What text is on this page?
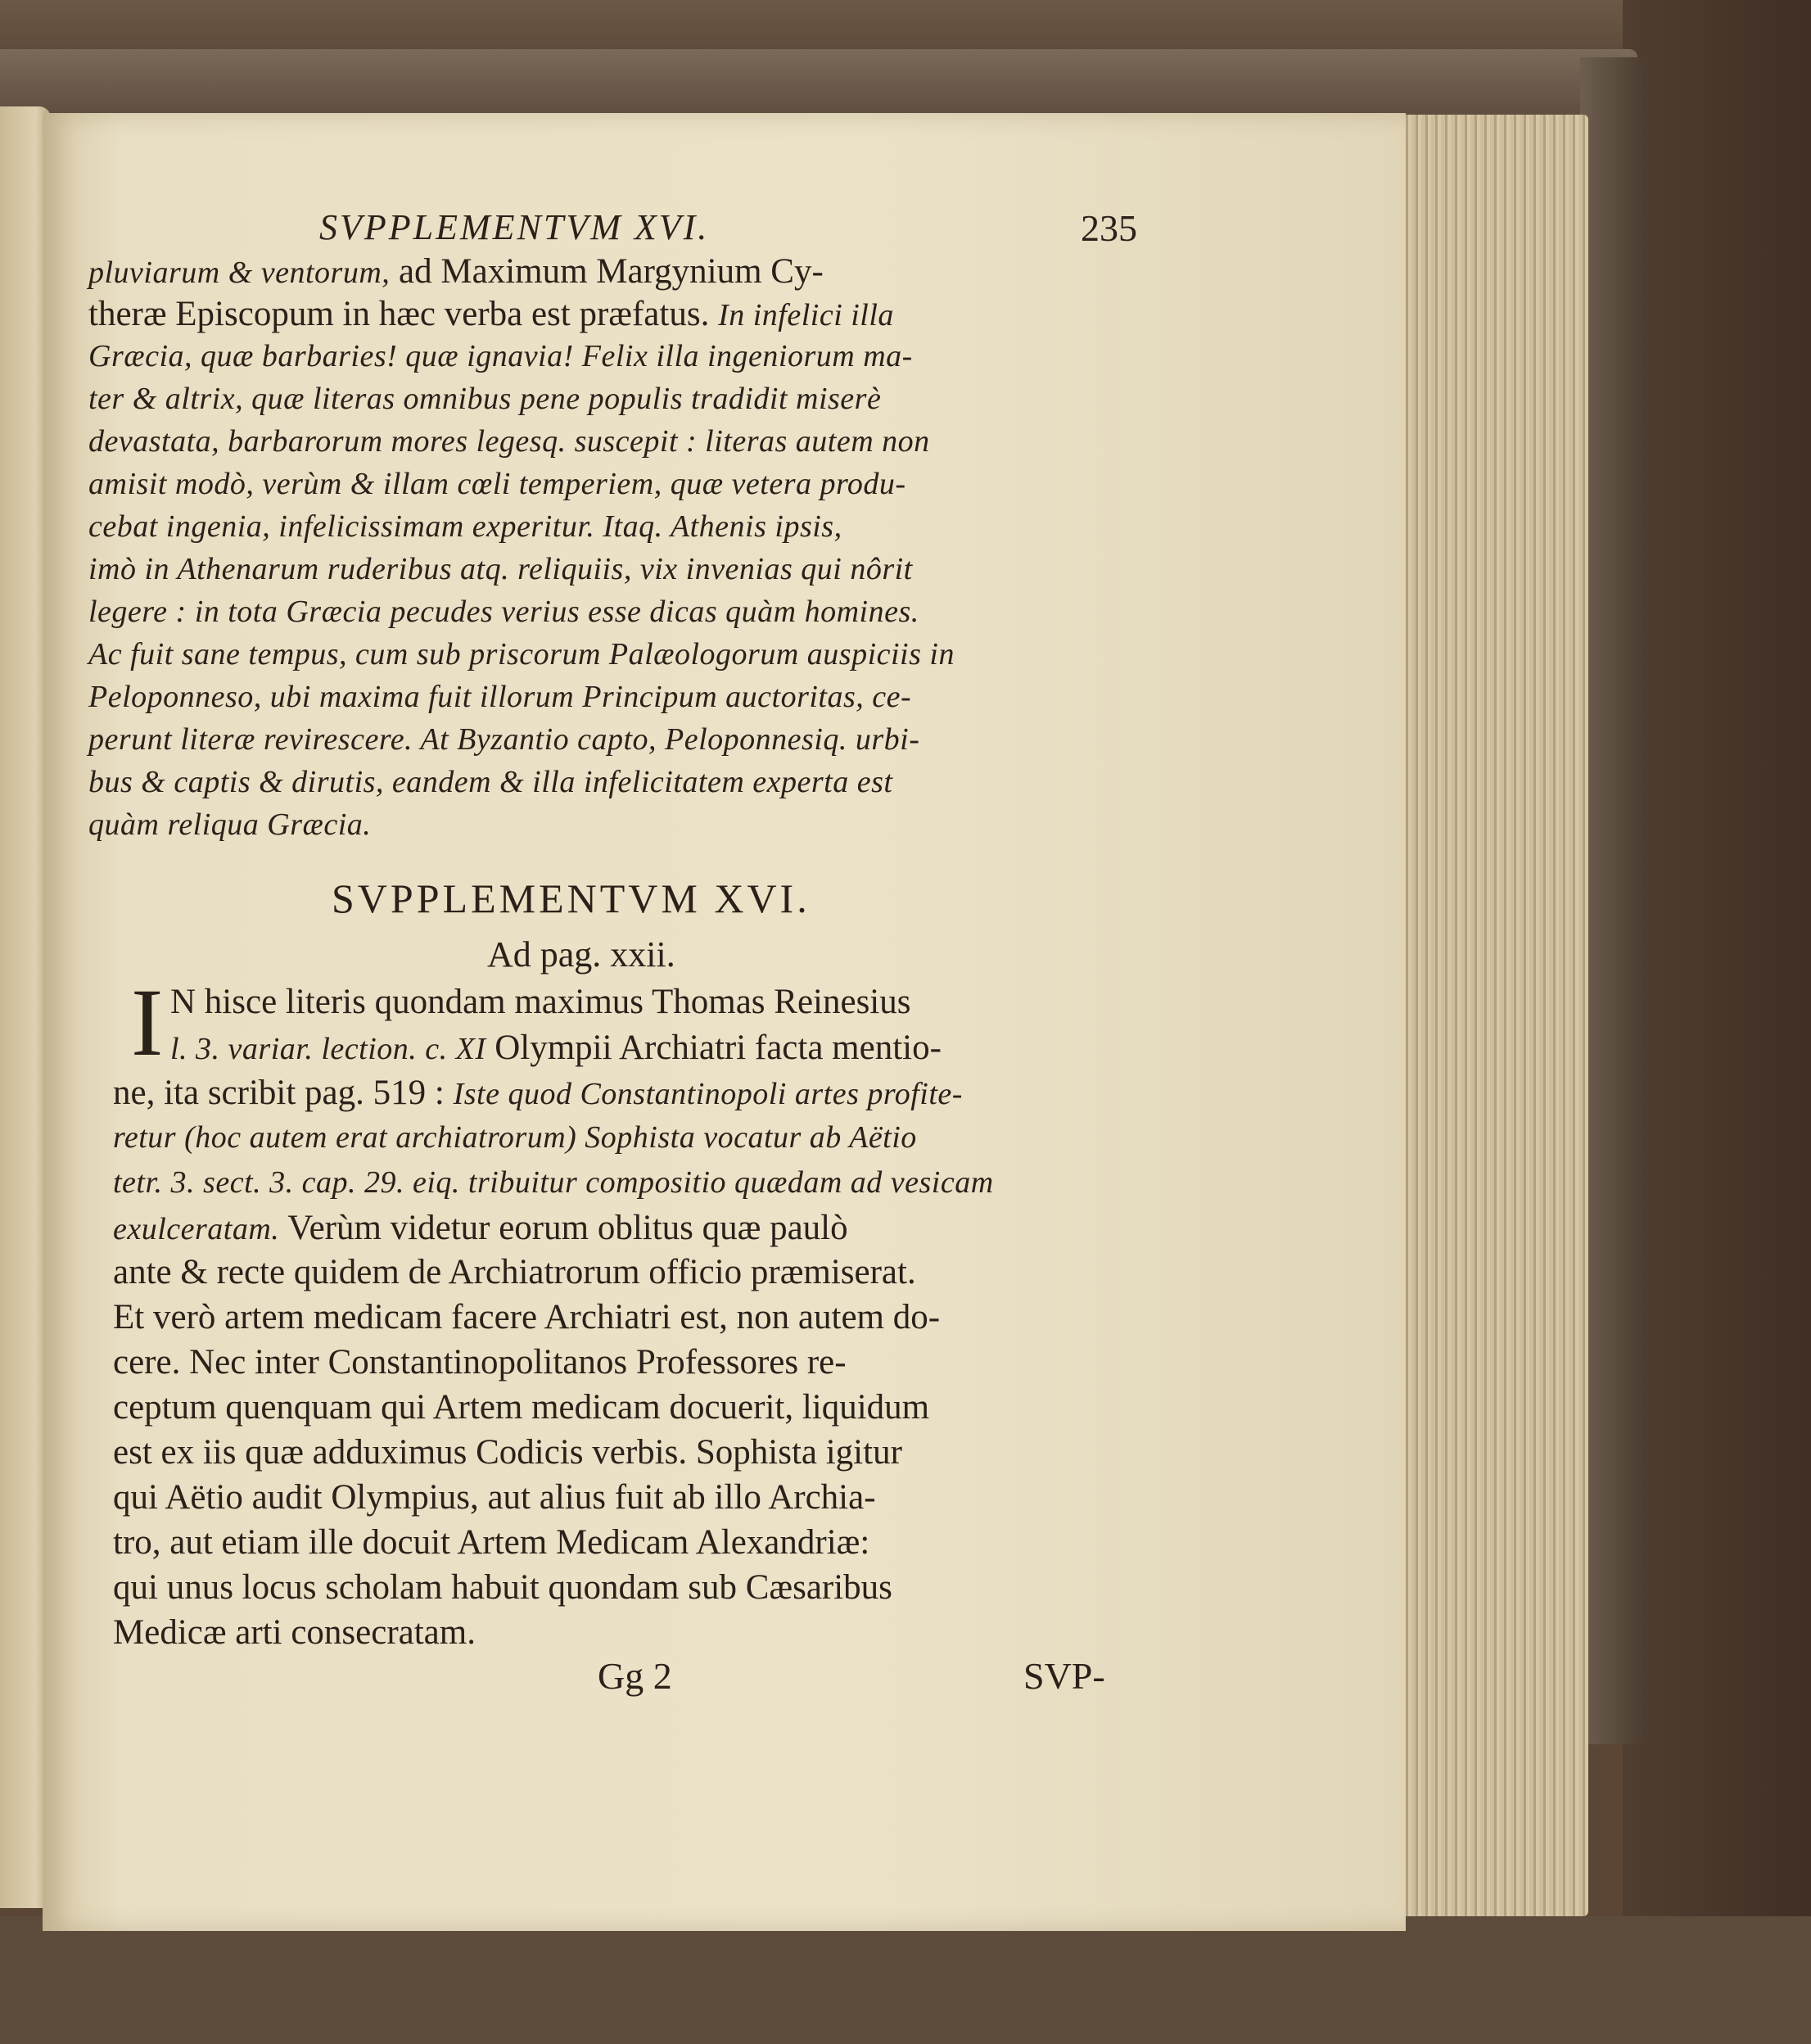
SVPPLEMENTVM XVI.	235
pluviarum & ventorum, ad Maximum Margynium Cy-
theræ Episcopum in hæc verba est præfatus. In infelici illa
Græcia, quæ barbaries! quæ ignavia! Felix illa ingeniorum ma-
ter & altrix, quæ literas omnibus pene populis tradidit miserè
devastata, barbarorum mores legesq. suscepit : literas autem non
amisit modò, verùm & illam cœli temperiem, quæ vetera produ-
cebat ingenia, infelicissimam experitur. Itaq. Athenis ipsis,
imò in Athenarum ruderibus atq. reliquiis, vix invenias qui nôrit
legere : in tota Græcia pecudes verius esse dicas quàm homines.
Ac fuit sane tempus, cum sub priscorum Palæologorum auspiciis in
Peloponneso, ubi maxima fuit illorum Principum auctoritas, ce-
perunt literæ revirescere. At Byzantio capto, Peloponnesiq. urbi-
bus & captis & dirutis, eandem & illa infelicitatem experta est
quàm reliqua Græcia.
SVPPLEMENTVM XVI.
Ad pag. xxii.
I N hisce literis quondam maximus Thomas Reinesius
l. 3. variar. lection. c. XI Olympii Archiatri facta mentio-
ne, ita scribit pag. 519 : Iste quod Constantinopoli artes profite-
retur (hoc autem erat archiatrorum) Sophista vocatur ab Aëtio
tetr. 3. sect. 3. cap. 29. eiq. tribuitur compositio quædam ad vesicam
exulceratam. Verùm videtur eorum oblitus quæ paulò
ante & recte quidem de Archiatrorum officio præmiserat.
Et verò artem medicam facere Archiatri est, non autem do-
cere. Nec inter Constantinopolitanos Professores re-
ceptum quenquam qui Artem medicam docuerit, liquidum
est ex iis quæ adduximus Codicis verbis. Sophista igitur
qui Aëtio audit Olympius, aut alius fuit ab illo Archia-
tro, aut etiam ille docuit Artem Medicam Alexandriæ:
qui unus locus scholam habuit quondam sub Cæsaribus
Medicæ arti consecratam.
Gg 2	SVP-
